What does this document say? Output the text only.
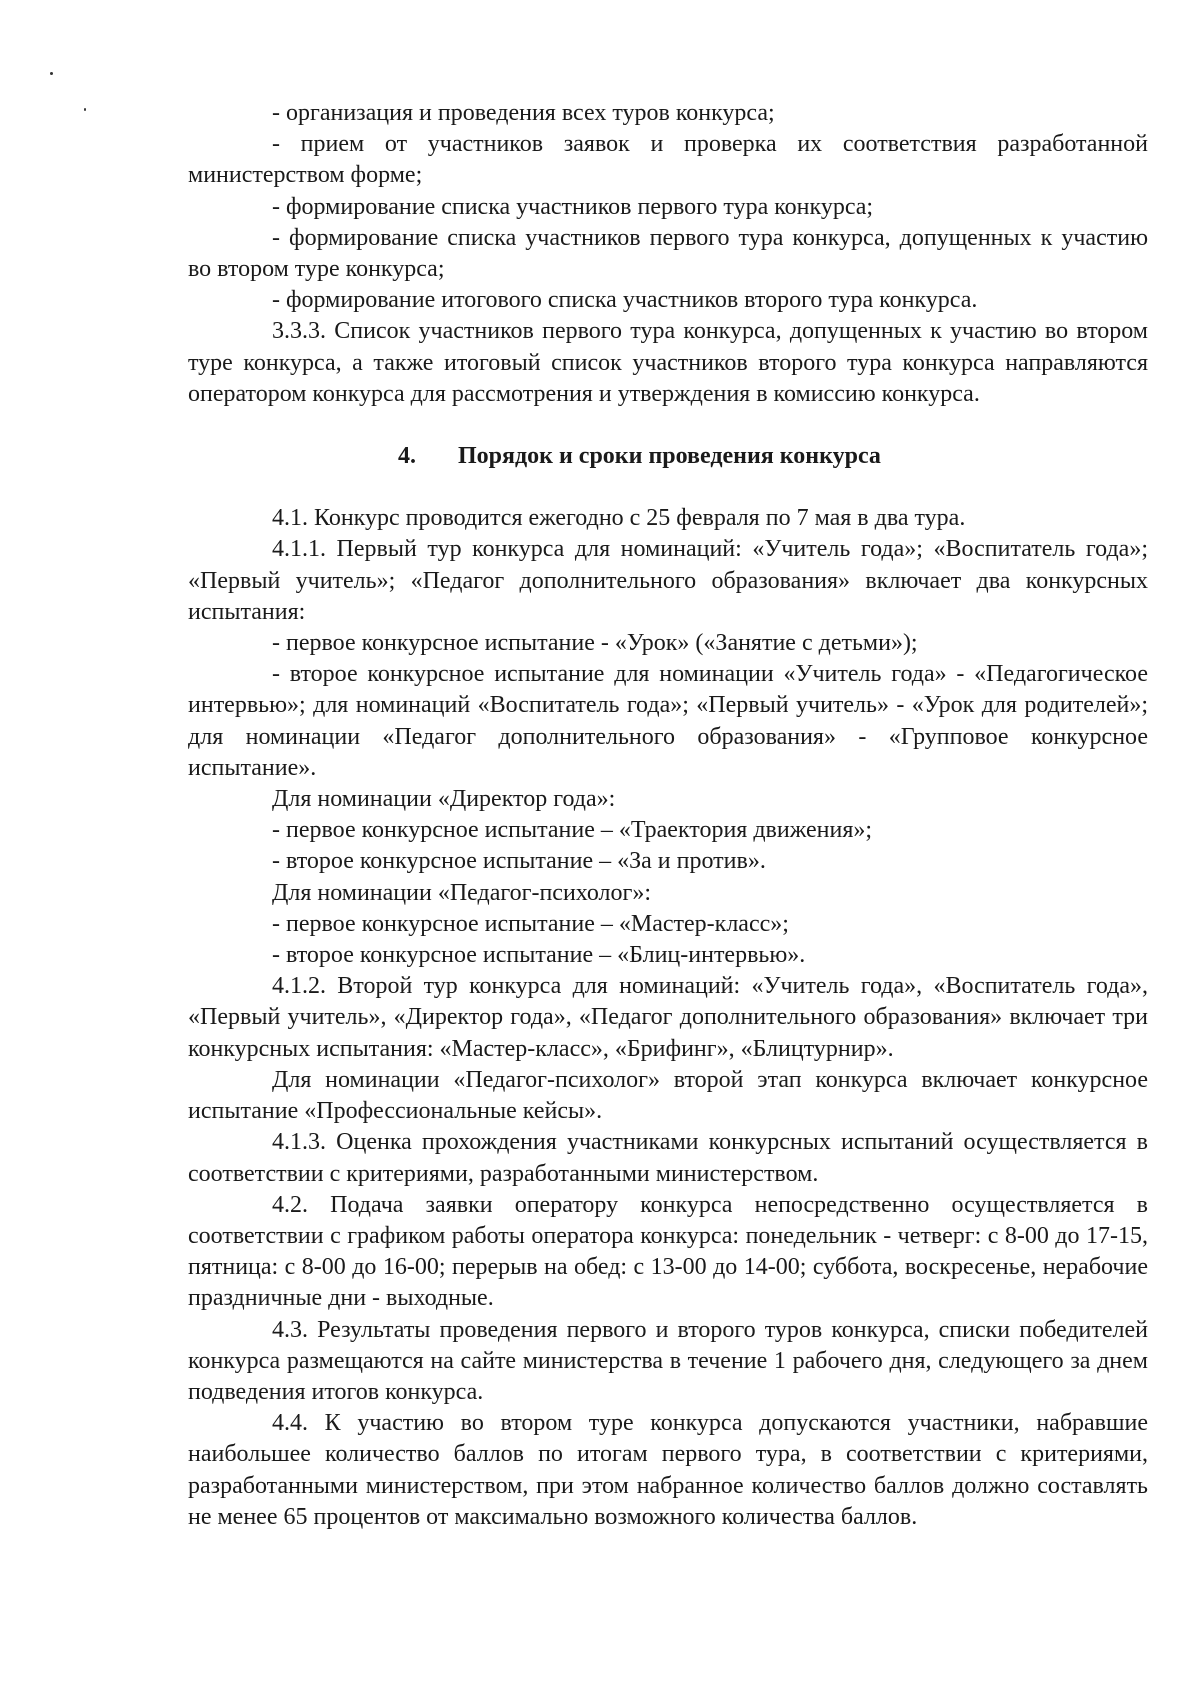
- организация и проведения всех туров конкурса;

- прием от участников заявок и проверка их соответствия разработанной министерством форме;

- формирование списка участников первого тура конкурса;

- формирование списка участников первого тура конкурса, допущенных к участию во втором туре конкурса;

- формирование итогового списка участников второго тура конкурса.

3.3.3. Список участников первого тура конкурса, допущенных к участию во втором туре конкурса, а также итоговый список участников второго тура конкурса направляются оператором конкурса для рассмотрения и утверждения в комиссию конкурса.

4. Порядок и сроки проведения конкурса

4.1. Конкурс проводится ежегодно с 25 февраля по 7 мая в два тура.

4.1.1. Первый тур конкурса для номинаций: «Учитель года»; «Воспитатель года»; «Первый учитель»; «Педагог дополнительного образования» включает два конкурсных испытания:

- первое конкурсное испытание - «Урок» («Занятие с детьми»);

- второе конкурсное испытание для номинации «Учитель года» - «Педагогическое интервью»; для номинаций «Воспитатель года»; «Первый учитель» - «Урок для родителей»; для номинации «Педагог дополнительного образования» - «Групповое конкурсное испытание».

Для номинации «Директор года»:

- первое конкурсное испытание – «Траектория движения»;

- второе конкурсное испытание – «За и против».

Для номинации «Педагог-психолог»:

- первое конкурсное испытание – «Мастер-класс»;

- второе конкурсное испытание – «Блиц-интервью».

4.1.2. Второй тур конкурса для номинаций: «Учитель года», «Воспитатель года», «Первый учитель», «Директор года», «Педагог дополнительного образования» включает три конкурсных испытания: «Мастер-класс», «Брифинг», «Блицтурнир».

Для номинации «Педагог-психолог» второй этап конкурса включает конкурсное испытание «Профессиональные кейсы».

4.1.3. Оценка прохождения участниками конкурсных испытаний осуществляется в соответствии с критериями, разработанными министерством.

4.2. Подача заявки оператору конкурса непосредственно осуществляется в соответствии с графиком работы оператора конкурса: понедельник - четверг: с 8-00 до 17-15, пятница: с 8-00 до 16-00; перерыв на обед: с 13-00 до 14-00; суббота, воскресенье, нерабочие праздничные дни - выходные.

4.3. Результаты проведения первого и второго туров конкурса, списки победителей конкурса размещаются на сайте министерства в течение 1 рабочего дня, следующего за днем подведения итогов конкурса.

4.4. К участию во втором туре конкурса допускаются участники, набравшие наибольшее количество баллов по итогам первого тура, в соответствии с критериями, разработанными министерством, при этом набранное количество баллов должно составлять не менее 65 процентов от максимально возможного количества баллов.
